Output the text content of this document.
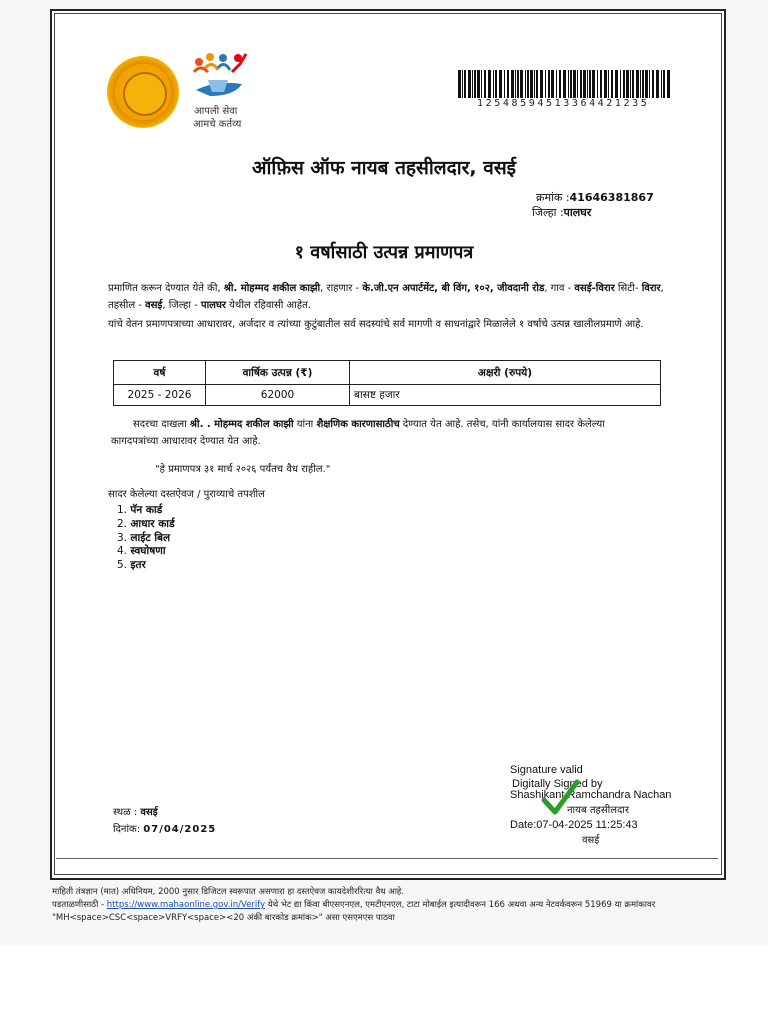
आपली सेवा
आमचे कर्तव्य
12548594513364421235
ऑफ़िस ऑफ नायब तहसीलदार, वसई
क्रमांक :41646381867
जिल्हा :पालघर
१ वर्षासाठी उत्पन्न प्रमाणपत्र
प्रमाणित करून देण्यात येते की, श्री. मोहम्मद शकील काझी, राहणार - के.जी.एन अपार्टमेंट, बी विंग, १०२, जीवदानी रोड, गाव - वसई-विरार सिटी- विरार, तहसील - वसई, जिल्हा - पालघर येथील रहिवासी आहेत.
यांचे वेतन प्रमाणपत्राच्या आधारावर, अर्जदार व त्यांच्या कुटुंबातील सर्व सदस्यांचे सर्व मागणी व साधनांद्वारे मिळालेले १ वर्षाचे उत्पन्न खालीलप्रमाणे आहे.
वर्ष	वार्षिक उत्पन्न (₹)	अक्षरी (रुपये)
2025 - 2026	62000	बासष्ट हजार
सदरचा दाखला श्री. . मोहम्मद शकील काझी यांना शैक्षणिक कारणासाठीच देण्यात येत आहे. तसेच, यांनी कार्यालयास सादर केलेल्या कागदपत्रांच्या आधारावर देण्यात येत आहे.
"हे प्रमाणपत्र ३१ मार्च २०२६ पर्यंतच वैध राहील."
सादर केलेल्या दस्तऐवज / पुराव्याचे तपशील
1. पॅन कार्ड
2. आधार कार्ड
3. लाईट बिल
4. स्वघोषणा
5. इतर
Signature valid
Digitally Signed by
Shashikant Ramchandra Nachan
नायब तहसीलदार
Date:07-04-2025 11:25:43
वसई
स्थळ : वसई
दिनांक: 07/04/2025
माहिती तंत्रज्ञान (मात) अधिनियम, 2000 नुसार डिजिटल स्वरूपात असणारा हा दस्तऐवज कायदेशीररित्या वैध आहे.
पडताळणीसाठी - https://www.mahaonline.gov.in/Verify येथे भेट द्या किंवा बीएसएनएल, एमटीएनएल, टाटा मोबाईल इत्यादीवरून 166 अथवा अन्य नेटवर्कवरून 51969 या क्रमांकावर
"MH<space>CSC<space>VRFY<space><20 अंकी बारकोड क्रमांक>" असा एसएमएस पाठवा
